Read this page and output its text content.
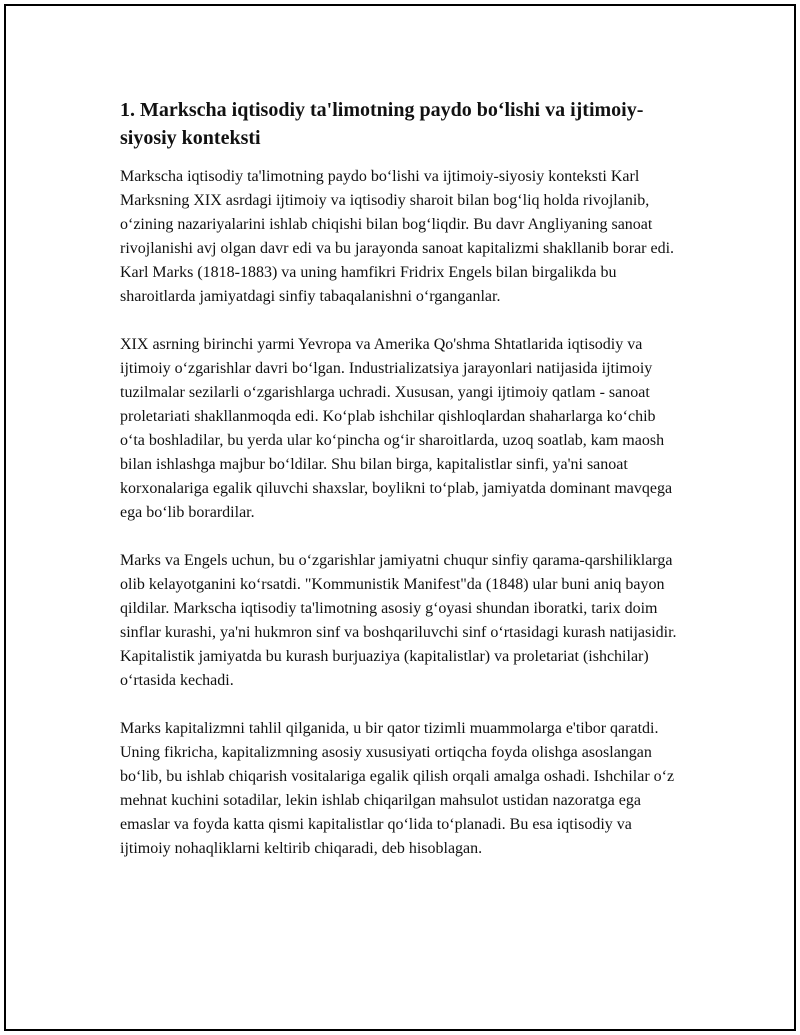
1. Markscha iqtisodiy ta'limotning paydo bo‘lishi va ijtimoiy-siyosiy konteksti

Markscha iqtisodiy ta'limotning paydo bo‘lishi va ijtimoiy-siyosiy konteksti Karl Marksning XIX asrdagi ijtimoiy va iqtisodiy sharoit bilan bog‘liq holda rivojlanib, o‘zining nazariyalarini ishlab chiqishi bilan bog‘liqdir. Bu davr Angliyaning sanoat rivojlanishi avj olgan davr edi va bu jarayonda sanoat kapitalizmi shakllanib borar edi. Karl Marks (1818-1883) va uning hamfikri Fridrix Engels bilan birgalikda bu sharoitlarda jamiyatdagi sinfiy tabaqalanishni o‘rganganlar.

XIX asrning birinchi yarmi Yevropa va Amerika Qo'shma Shtatlarida iqtisodiy va ijtimoiy o‘zgarishlar davri bo‘lgan. Industrializatsiya jarayonlari natijasida ijtimoiy tuzilmalar sezilarli o‘zgarishlarga uchradi. Xususan, yangi ijtimoiy qatlam - sanoat proletariati shakllanmoqda edi. Ko‘plab ishchilar qishloqlardan shaharlarga ko‘chib o‘ta boshladilar, bu yerda ular ko‘pincha og‘ir sharoitlarda, uzoq soatlab, kam maosh bilan ishlashga majbur bo‘ldilar. Shu bilan birga, kapitalistlar sinfi, ya'ni sanoat korxonalariga egalik qiluvchi shaxslar, boylikni to‘plab, jamiyatda dominant mavqega ega bo‘lib borardilar.

Marks va Engels uchun, bu o‘zgarishlar jamiyatni chuqur sinfiy qarama-qarshiliklarga olib kelayotganini ko‘rsatdi. "Kommunistik Manifest"da (1848) ular buni aniq bayon qildilar. Markscha iqtisodiy ta'limotning asosiy g‘oyasi shundan iboratki, tarix doim sinflar kurashi, ya'ni hukmron sinf va boshqariluvchi sinf o‘rtasidagi kurash natijasidir. Kapitalistik jamiyatda bu kurash burjuaziya (kapitalistlar) va proletariat (ishchilar) o‘rtasida kechadi.

Marks kapitalizmni tahlil qilganida, u bir qator tizimli muammolarga e'tibor qaratdi. Uning fikricha, kapitalizmning asosiy xususiyati ortiqcha foyda olishga asoslangan bo‘lib, bu ishlab chiqarish vositalariga egalik qilish orqali amalga oshadi. Ishchilar o‘z mehnat kuchini sotadilar, lekin ishlab chiqarilgan mahsulot ustidan nazoratga ega emaslar va foyda katta qismi kapitalistlar qo‘lida to‘planadi. Bu esa iqtisodiy va ijtimoiy nohaqliklarni keltirib chiqaradi, deb hisoblagan.
